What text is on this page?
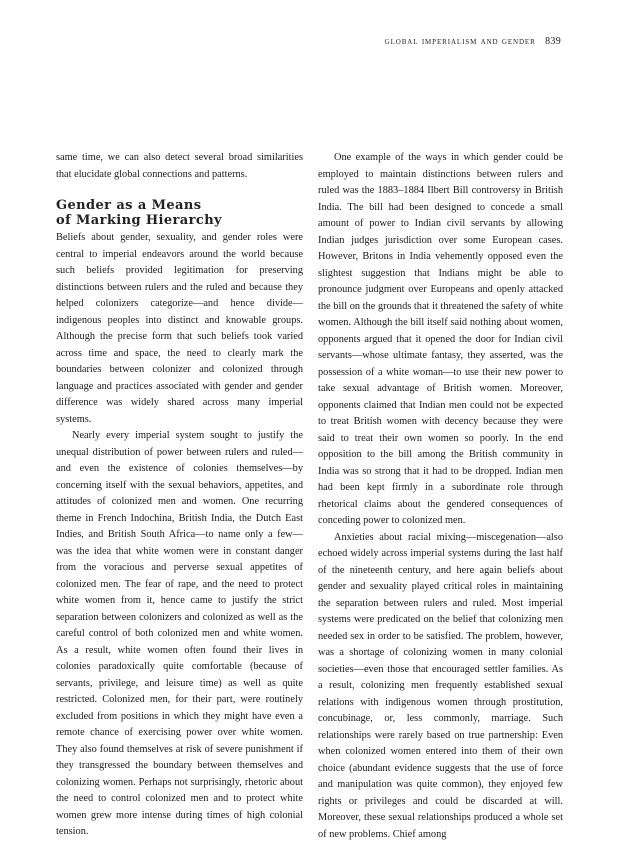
global imperialism and gender 839

same time, we can also detect several broad similarities that elucidate global connections and patterns.

Gender as a Means
of Marking Hierarchy

Beliefs about gender, sexuality, and gender roles were central to imperial endeavors around the world because such beliefs provided legitimation for preserving distinctions between rulers and the ruled and because they helped colonizers categorize—and hence divide—indigenous peoples into distinct and knowable groups. Although the precise form that such beliefs took varied across time and space, the need to clearly mark the boundaries between colonizer and colonized through language and practices associated with gender and gender difference was widely shared across many imperial systems.

Nearly every imperial system sought to justify the unequal distribution of power between rulers and ruled—and even the existence of colonies themselves—by concerning itself with the sexual behaviors, appetites, and attitudes of colonized men and women. One recurring theme in French Indochina, British India, the Dutch East Indies, and British South Africa—to name only a few—was the idea that white women were in constant danger from the voracious and perverse sexual appetites of colonized men. The fear of rape, and the need to protect white women from it, hence came to justify the strict separation between colonizers and colonized as well as the careful control of both colonized men and white women. As a result, white women often found their lives in colonies paradoxically quite comfortable (because of servants, privilege, and leisure time) as well as quite restricted. Colonized men, for their part, were routinely excluded from positions in which they might have even a remote chance of exercising power over white women. They also found themselves at risk of severe punishment if they transgressed the boundary between themselves and colonizing women. Perhaps not surprisingly, rhetoric about the need to control colonized men and to protect white women grew more intense during times of high colonial tension.

One example of the ways in which gender could be employed to maintain distinctions between rulers and ruled was the 1883–1884 Ilbert Bill controversy in British India. The bill had been designed to concede a small amount of power to Indian civil servants by allowing Indian judges jurisdiction over some European cases. However, Britons in India vehemently opposed even the slightest suggestion that Indians might be able to pronounce judgment over Europeans and openly attacked the bill on the grounds that it threatened the safety of white women. Although the bill itself said nothing about women, opponents argued that it opened the door for Indian civil servants—whose ultimate fantasy, they asserted, was the possession of a white woman—to use their new power to take sexual advantage of British women. Moreover, opponents claimed that Indian men could not be expected to treat British women with decency because they were said to treat their own women so poorly. In the end opposition to the bill among the British community in India was so strong that it had to be dropped. Indian men had been kept firmly in a subordinate role through rhetorical claims about the gendered consequences of conceding power to colonized men.

Anxieties about racial mixing—miscegenation—also echoed widely across imperial systems during the last half of the nineteenth century, and here again beliefs about gender and sexuality played critical roles in maintaining the separation between rulers and ruled. Most imperial systems were predicated on the belief that colonizing men needed sex in order to be satisfied. The problem, however, was a shortage of colonizing women in many colonial societies—even those that encouraged settler families. As a result, colonizing men frequently established sexual relations with indigenous women through prostitution, concubinage, or, less commonly, marriage. Such relationships were rarely based on true partnership: Even when colonized women entered into them of their own choice (abundant evidence suggests that the use of force and manipulation was quite common), they enjoyed few rights or privileges and could be discarded at will. Moreover, these sexual relationships produced a whole set of new problems. Chief among
